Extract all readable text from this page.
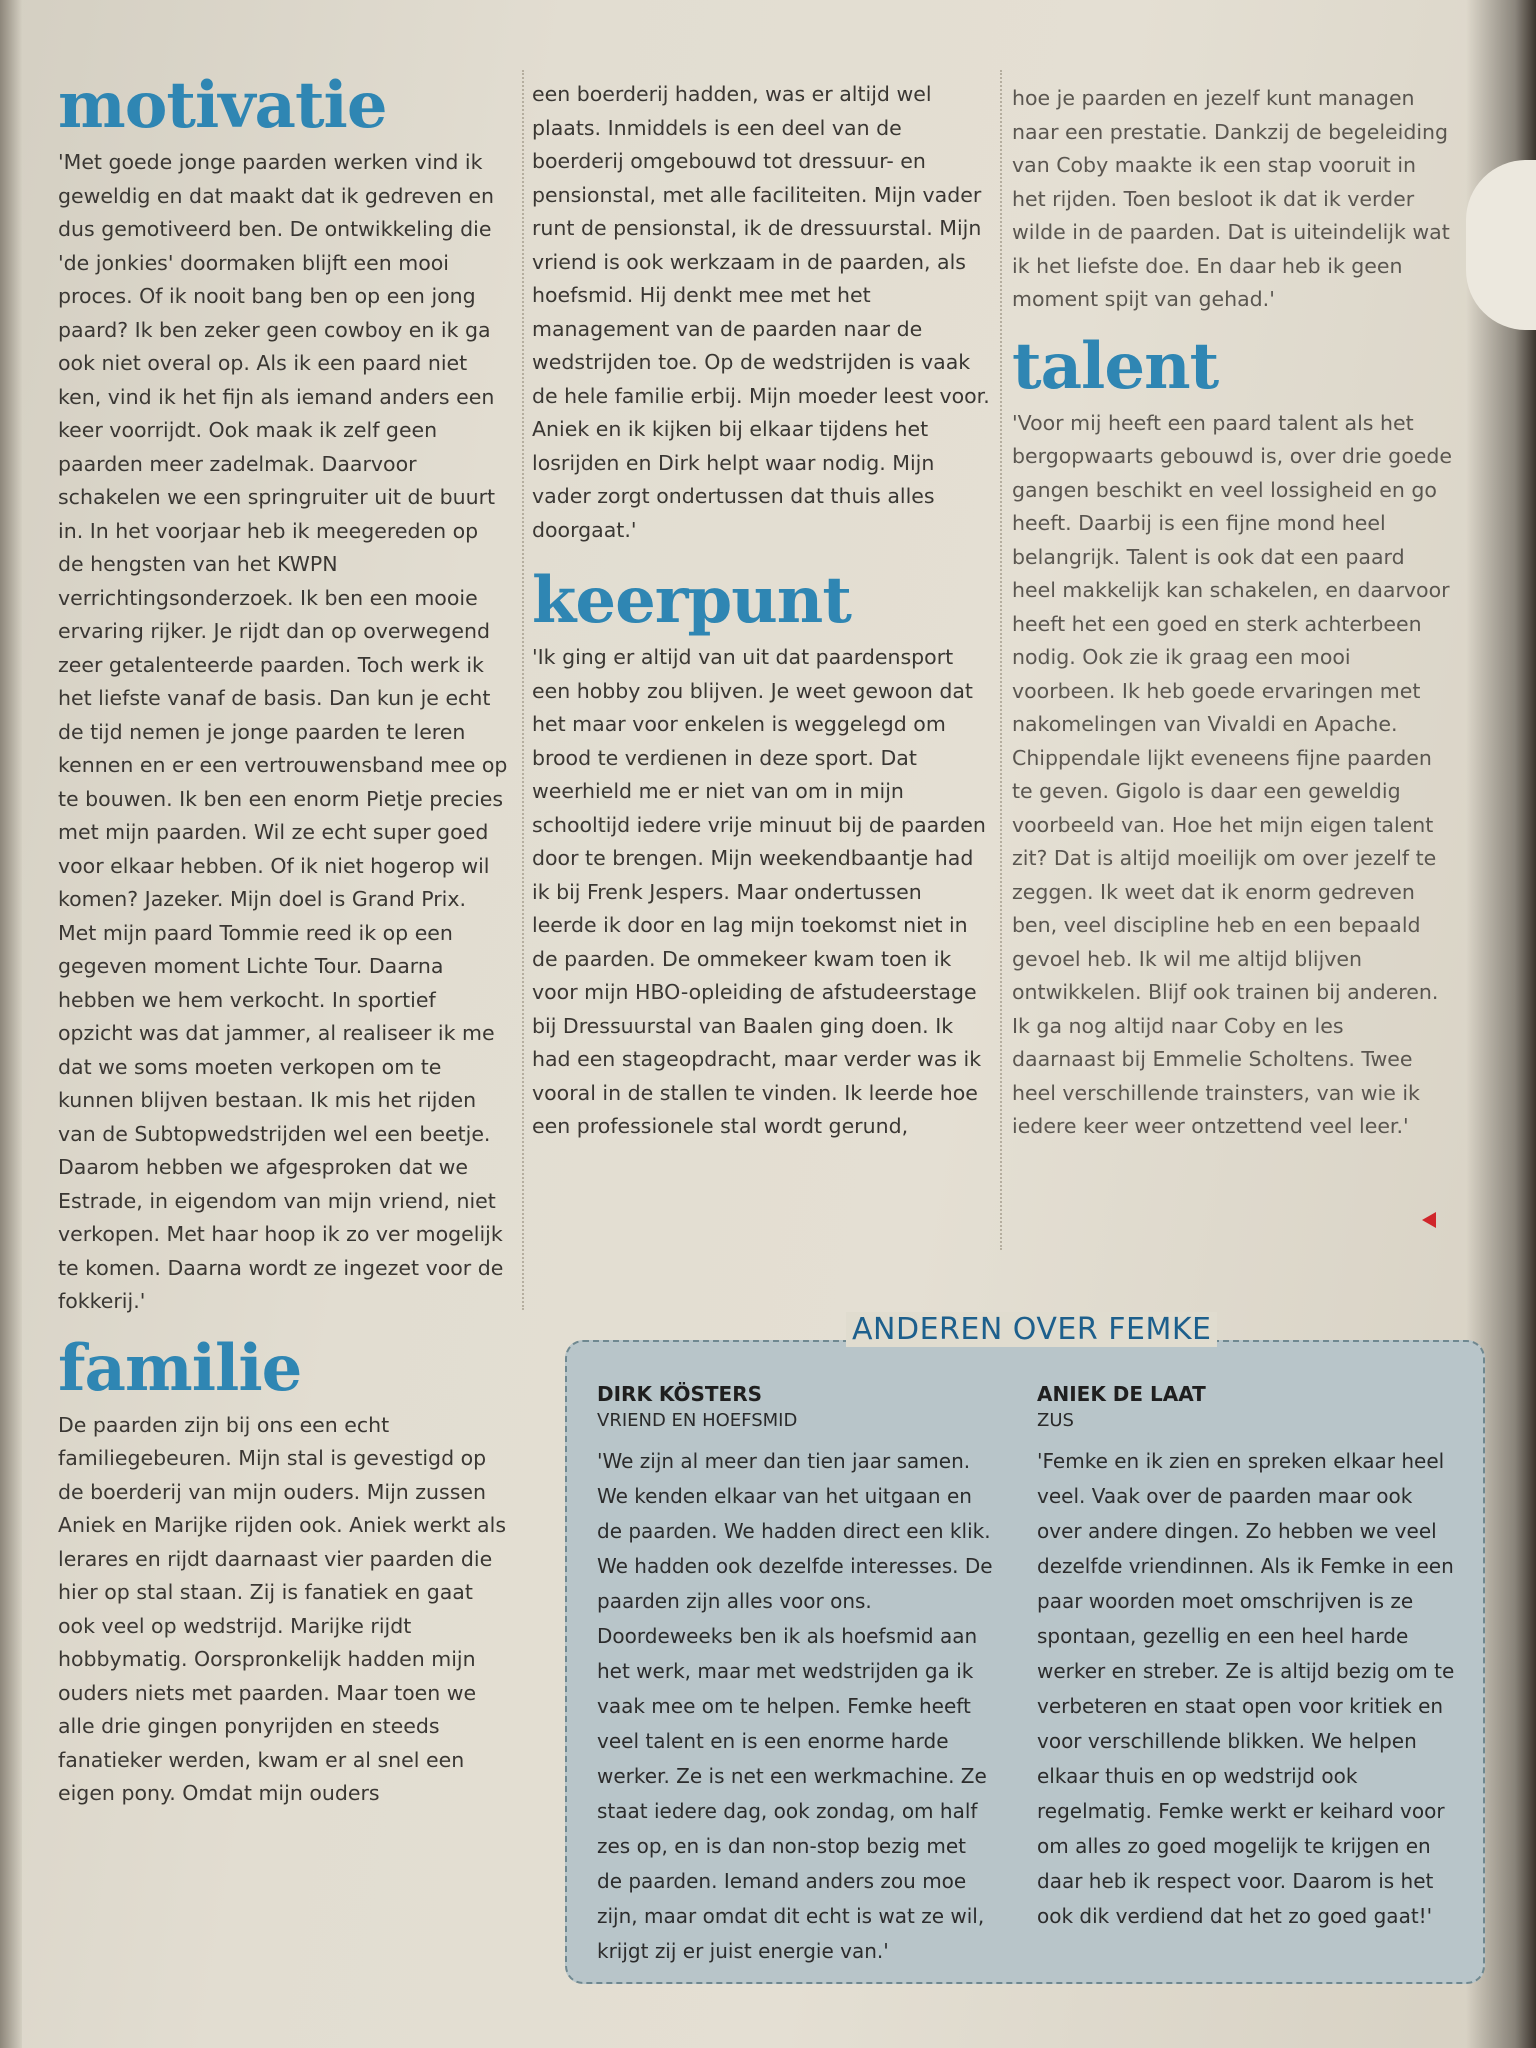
motivatie

'Met goede jonge paarden werken vind ik geweldig en dat maakt dat ik gedreven en dus gemotiveerd ben. De ontwikkeling die 'de jonkies' doormaken blijft een mooi proces. Of ik nooit bang ben op een jong paard? Ik ben zeker geen cowboy en ik ga ook niet overal op. Als ik een paard niet ken, vind ik het fijn als iemand anders een keer voorrijdt. Ook maak ik zelf geen paarden meer zadelmak. Daarvoor schakelen we een springruiter uit de buurt in. In het voorjaar heb ik meegereden op de hengsten van het KWPN verrichtingsonderzoek. Ik ben een mooie ervaring rijker. Je rijdt dan op overwegend zeer getalenteerde paarden. Toch werk ik het liefste vanaf de basis. Dan kun je echt de tijd nemen je jonge paarden te leren kennen en er een vertrouwensband mee op te bouwen. Ik ben een enorm Pietje precies met mijn paarden. Wil ze echt super goed voor elkaar hebben. Of ik niet hogerop wil komen? Jazeker. Mijn doel is Grand Prix. Met mijn paard Tommie reed ik op een gegeven moment Lichte Tour. Daarna hebben we hem verkocht. In sportief opzicht was dat jammer, al realiseer ik me dat we soms moeten verkopen om te kunnen blijven bestaan. Ik mis het rijden van de Subtopwedstrijden wel een beetje. Daarom hebben we afgesproken dat we Estrade, in eigendom van mijn vriend, niet verkopen. Met haar hoop ik zo ver mogelijk te komen. Daarna wordt ze ingezet voor de fokkerij.'

familie

De paarden zijn bij ons een echt familiegebeuren. Mijn stal is gevestigd op de boerderij van mijn ouders. Mijn zussen Aniek en Marijke rijden ook. Aniek werkt als lerares en rijdt daarnaast vier paarden die hier op stal staan. Zij is fanatiek en gaat ook veel op wedstrijd. Marijke rijdt hobbymatig. Oorspronkelijk hadden mijn ouders niets met paarden. Maar toen we alle drie gingen ponyrijden en steeds fanatieker werden, kwam er al snel een eigen pony. Omdat mijn ouders

een boerderij hadden, was er altijd wel plaats. Inmiddels is een deel van de boerderij omgebouwd tot dressuur- en pensionstal, met alle faciliteiten. Mijn vader runt de pensionstal, ik de dressuurstal. Mijn vriend is ook werkzaam in de paarden, als hoefsmid. Hij denkt mee met het management van de paarden naar de wedstrijden toe. Op de wedstrijden is vaak de hele familie erbij. Mijn moeder leest voor. Aniek en ik kijken bij elkaar tijdens het losrijden en Dirk helpt waar nodig. Mijn vader zorgt ondertussen dat thuis alles doorgaat.'

keerpunt

'Ik ging er altijd van uit dat paardensport een hobby zou blijven. Je weet gewoon dat het maar voor enkelen is weggelegd om brood te verdienen in deze sport. Dat weerhield me er niet van om in mijn schooltijd iedere vrije minuut bij de paarden door te brengen. Mijn weekendbaantje had ik bij Frenk Jespers. Maar ondertussen leerde ik door en lag mijn toekomst niet in de paarden. De ommekeer kwam toen ik voor mijn HBO-opleiding de afstudeerstage bij Dressuurstal van Baalen ging doen. Ik had een stageopdracht, maar verder was ik vooral in de stallen te vinden. Ik leerde hoe een professionele stal wordt gerund,

hoe je paarden en jezelf kunt managen naar een prestatie. Dankzij de begeleiding van Coby maakte ik een stap vooruit in het rijden. Toen besloot ik dat ik verder wilde in de paarden. Dat is uiteindelijk wat ik het liefste doe. En daar heb ik geen moment spijt van gehad.'

talent

'Voor mij heeft een paard talent als het bergopwaarts gebouwd is, over drie goede gangen beschikt en veel lossigheid en go heeft. Daarbij is een fijne mond heel belangrijk. Talent is ook dat een paard heel makkelijk kan schakelen, en daarvoor heeft het een goed en sterk achterbeen nodig. Ook zie ik graag een mooi voorbeen. Ik heb goede ervaringen met nakomelingen van Vivaldi en Apache. Chippendale lijkt eveneens fijne paarden te geven. Gigolo is daar een geweldig voorbeeld van. Hoe het mijn eigen talent zit? Dat is altijd moeilijk om over jezelf te zeggen. Ik weet dat ik enorm gedreven ben, veel discipline heb en een bepaald gevoel heb. Ik wil me altijd blijven ontwikkelen. Blijf ook trainen bij anderen. Ik ga nog altijd naar Coby en les daarnaast bij Emmelie Scholtens. Twee heel verschillende trainsters, van wie ik iedere keer weer ontzettend veel leer.'

DIRK KÖSTERS

VRIEND EN HOEFSMID

'We zijn al meer dan tien jaar samen. We kenden elkaar van het uitgaan en de paarden. We hadden direct een klik. We hadden ook dezelfde interesses. De paarden zijn alles voor ons. Doordeweeks ben ik als hoefsmid aan het werk, maar met wedstrijden ga ik vaak mee om te helpen. Femke heeft veel talent en is een enorme harde werker. Ze is net een werkmachine. Ze staat iedere dag, ook zondag, om half zes op, en is dan non-stop bezig met de paarden. Iemand anders zou moe zijn, maar omdat dit echt is wat ze wil, krijgt zij er juist energie van.'

ANIEK DE LAAT

ZUS

'Femke en ik zien en spreken elkaar heel veel. Vaak over de paarden maar ook over andere dingen. Zo hebben we veel dezelfde vriendinnen. Als ik Femke in een paar woorden moet omschrijven is ze spontaan, gezellig en een heel harde werker en streber. Ze is altijd bezig om te verbeteren en staat open voor kritiek en voor verschillende blikken. We helpen elkaar thuis en op wedstrijd ook regelmatig. Femke werkt er keihard voor om alles zo goed mogelijk te krijgen en daar heb ik respect voor. Daarom is het ook dik verdiend dat het zo goed gaat!'

ANDEREN OVER FEMKE
